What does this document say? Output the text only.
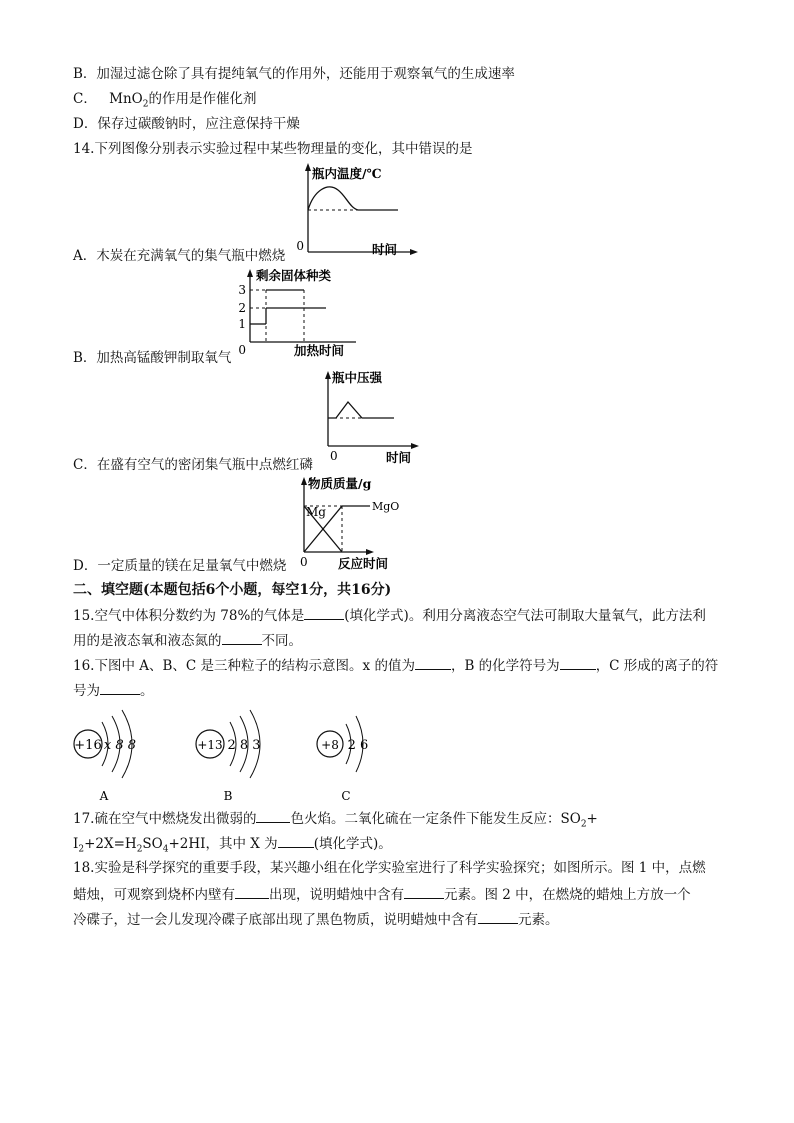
B．加湿过滤仓除了具有提纯氧气的作用外，还能用于观察氧气的生成速率
C． MnO$_2$的作用是作催化剂
D．保存过碳酸钠时，应注意保持干燥
14.下列图像分别表示实验过程中某些物理量的变化，其中错误的是
瓶内温度/℃
0	时间
A．木炭在充满氧气的集气瓶中燃烧
剩余固体种类
3
2
1
0	加热时间
B．加热高锰酸钾制取氧气
瓶中压强
0	时间
C．在盛有空气的密闭集气瓶中点燃红磷
物质质量/g
Mg	MgO
0 反应时间
D．一定质量的镁在足量氧气中燃烧
二、填空题(本题包括6个小题，每空1分，共16分)
15.空气中体积分数约为 78%的气体是	(填化学式)。利用分离液态空气法可制取大量氧气，此方法利
用的是液态氧和液态氮的	不同。
16.下图中 A、B、C 是三种粒子的结构示意图。x 的值为	，B 的化学符号为	，C 形成的离子的符
号为	。
+16 x 8 8
A
+13 2 8 3
B
+8 2 6
C
17.硫在空气中燃烧发出微弱的	色火焰。二氧化硫在一定条件下能发生反应：$SO_2+$
$I_2+2X=H_2SO_4+2HI$，其中 X 为	(填化学式)。
18.实验是科学探究的重要手段，某兴趣小组在化学实验室进行了科学实验探究；如图所示。图 1 中，点燃
蜡烛，可观察到烧杯内壁有	出现，说明蜡烛中含有	元素。图 2 中，在燃烧的蜡烛上方放一个
冷碟子，过一会儿发现冷碟子底部出现了黑色物质，说明蜡烛中含有	元素。
